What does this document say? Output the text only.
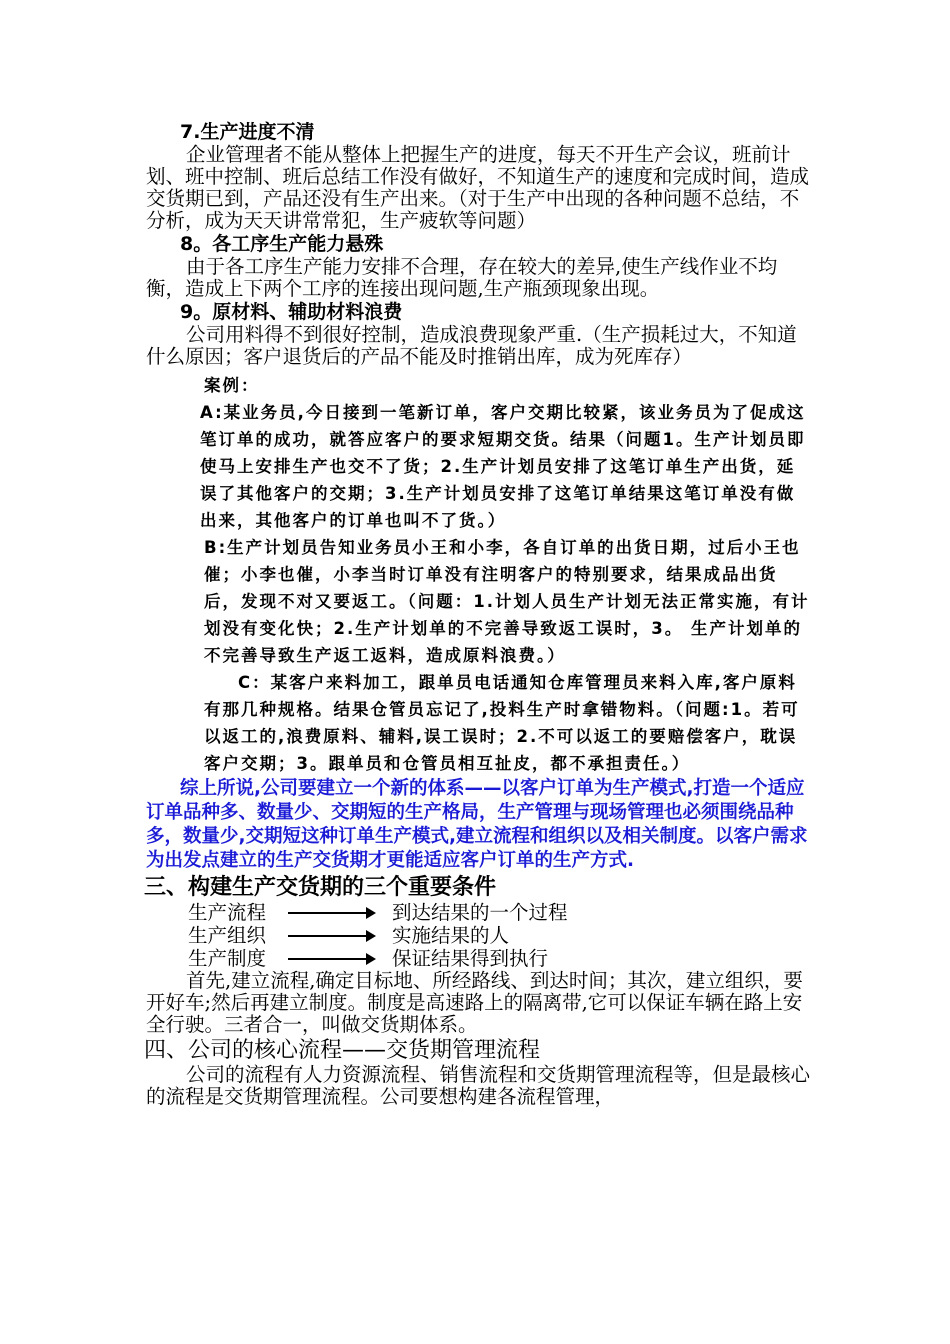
7.生产进度不清

企业管理者不能从整体上把握生产的进度，每天不开生产会议，班前计划、班中控制、班后总结工作没有做好，不知道生产的速度和完成时间，造成交货期已到，产品还没有生产出来。（对于生产中出现的各种问题不总结，不分析，成为天天讲常常犯，生产疲软等问题）

8。各工序生产能力悬殊

由于各工序生产能力安排不合理，存在较大的差异,使生产线作业不均衡，造成上下两个工序的连接出现问题,生产瓶颈现象出现。

9。原材料、辅助材料浪费

公司用料得不到很好控制，造成浪费现象严重.（生产损耗过大，不知道什么原因；客户退货后的产品不能及时推销出库，成为死库存）

案例：

A:某业务员,今日接到一笔新订单，客户交期比较紧，该业务员为了促成这笔订单的成功，就答应客户的要求短期交货。结果（问题1。生产计划员即使马上安排生产也交不了货；2.生产计划员安排了这笔订单生产出货，延误了其他客户的交期；3.生产计划员安排了这笔订单结果这笔订单没有做出来，其他客户的订单也叫不了货。）

B:生产计划员告知业务员小王和小李，各自订单的出货日期，过后小王也催；小李也催，小李当时订单没有注明客户的特别要求，结果成品出货后，发现不对又要返工。（问题：1.计划人员生产计划无法正常实施，有计划没有变化快；2.生产计划单的不完善导致返工误时，3。 生产计划单的不完善导致生产返工返料，造成原料浪费。）

C：某客户来料加工，跟单员电话通知仓库管理员来料入库,客户原料有那几种规格。结果仓管员忘记了,投料生产时拿错物料。（问题:1。若可以返工的,浪费原料、辅料,误工误时；2.不可以返工的要赔偿客户，耽误客户交期；3。跟单员和仓管员相互扯皮，都不承担责任。）

综上所说,公司要建立一个新的体系——以客户订单为生产模式,打造一个适应订单品种多、数量少、交期短的生产格局，生产管理与现场管理也必须围绕品种多，数量少,交期短这种订单生产模式,建立流程和组织以及相关制度。以客户需求为出发点建立的生产交货期才更能适应客户订单的生产方式.

三、构建生产交货期的三个重要条件

生产流程	到达结果的一个过程
生产组织	实施结果的人
生产制度	保证结果得到执行

首先,建立流程,确定目标地、所经路线、到达时间；其次，建立组织，要开好车;然后再建立制度。制度是高速路上的隔离带,它可以保证车辆在路上安全行驶。三者合一，叫做交货期体系。

四、公司的核心流程——交货期管理流程

公司的流程有人力资源流程、销售流程和交货期管理流程等，但是最核心的流程是交货期管理流程。公司要想构建各流程管理，
